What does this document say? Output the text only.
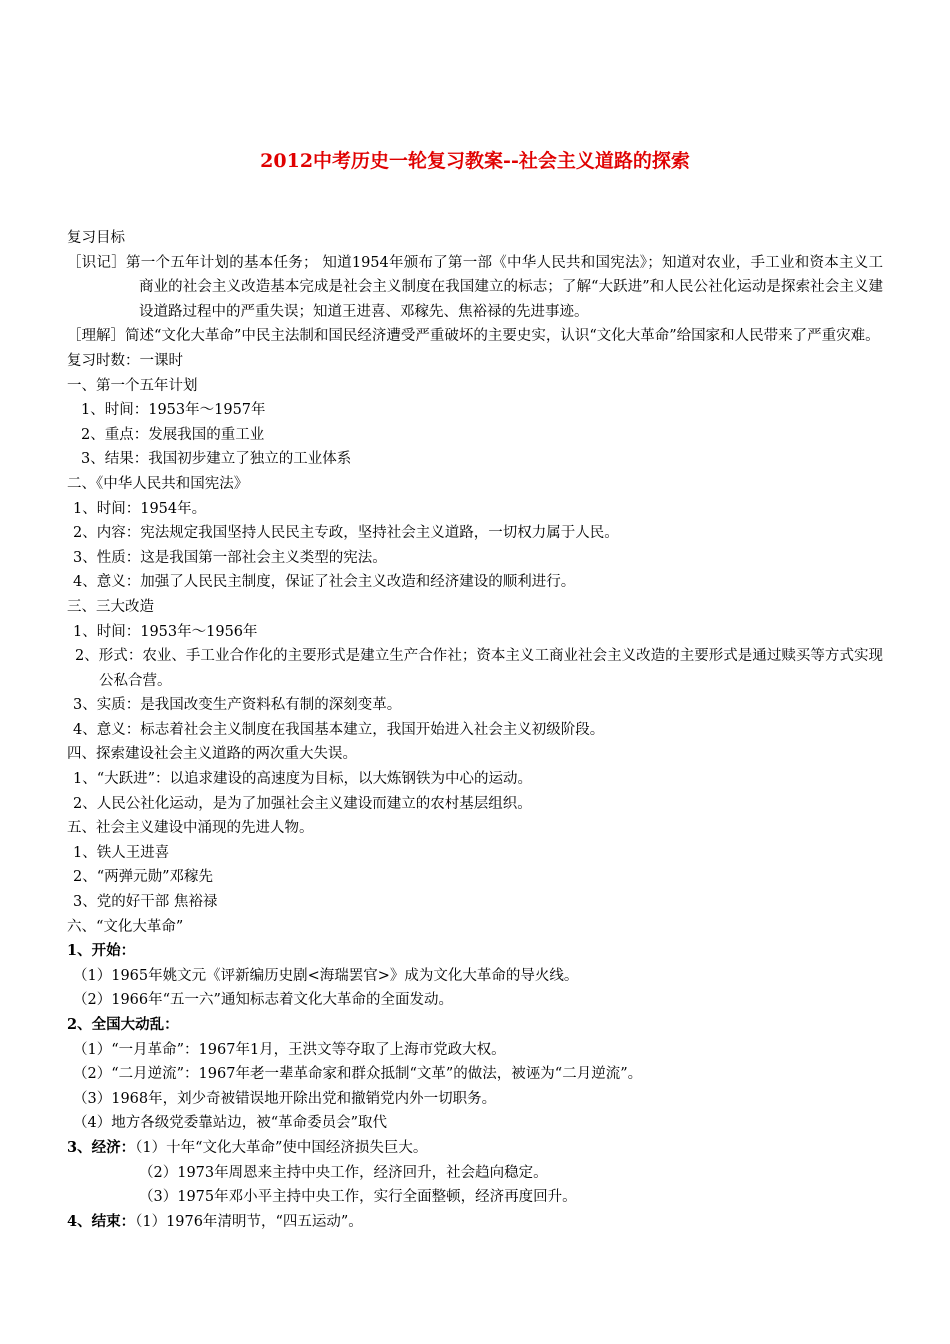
2012中考历史一轮复习教案--社会主义道路的探索
复习目标
［识记］第一个五年计划的基本任务； 知道1954年颁布了第一部《中华人民共和国宪法》；知道对农业，手工业和资本主义工商业的社会主义改造基本完成是社会主义制度在我国建立的标志；了解“大跃进”和人民公社化运动是探索社会主义建设道路过程中的严重失误；知道王进喜、邓稼先、焦裕禄的先进事迹。
［理解］简述“文化大革命”中民主法制和国民经济遭受严重破坏的主要史实，认识“文化大革命”给国家和人民带来了严重灾难。
复习时数：一课时
一、第一个五年计划
1、时间：1953年～1957年
2、重点：发展我国的重工业
3、结果：我国初步建立了独立的工业体系
二、《中华人民共和国宪法》
1、时间：1954年。
2、内容：宪法规定我国坚持人民民主专政，坚持社会主义道路，一切权力属于人民。
3、性质：这是我国第一部社会主义类型的宪法。
4、意义：加强了人民民主制度，保证了社会主义改造和经济建设的顺利进行。
三、三大改造
1、时间：1953年～1956年
2、形式：农业、手工业合作化的主要形式是建立生产合作社；资本主义工商业社会主义改造的主要形式是通过赎买等方式实现公私合营。
3、实质：是我国改变生产资料私有制的深刻变革。
4、意义：标志着社会主义制度在我国基本建立，我国开始进入社会主义初级阶段。
四、探索建设社会主义道路的两次重大失误。
1、“大跃进”：以追求建设的高速度为目标，以大炼钢铁为中心的运动。
2、人民公社化运动，是为了加强社会主义建设而建立的农村基层组织。
五、社会主义建设中涌现的先进人物。
1、铁人王进喜
2、“两弹元勋”邓稼先
3、党的好干部 焦裕禄
六、“文化大革命”
1、开始：
（1）1965年姚文元《评新编历史剧<海瑞罢官>》成为文化大革命的导火线。
（2）1966年“五一六”通知标志着文化大革命的全面发动。
2、全国大动乱：
（1）“一月革命”：1967年1月，王洪文等夺取了上海市党政大权。
（2）“二月逆流”：1967年老一辈革命家和群众抵制“文革”的做法，被诬为“二月逆流”。
（3）1968年，刘少奇被错误地开除出党和撤销党内外一切职务。
（4）地方各级党委靠站边，被“革命委员会”取代
3、经济：（1）十年“文化大革命”使中国经济损失巨大。
（2）1973年周恩来主持中央工作，经济回升，社会趋向稳定。
（3）1975年邓小平主持中央工作，实行全面整顿，经济再度回升。
4、结束：（1）1976年清明节，“四五运动”。
